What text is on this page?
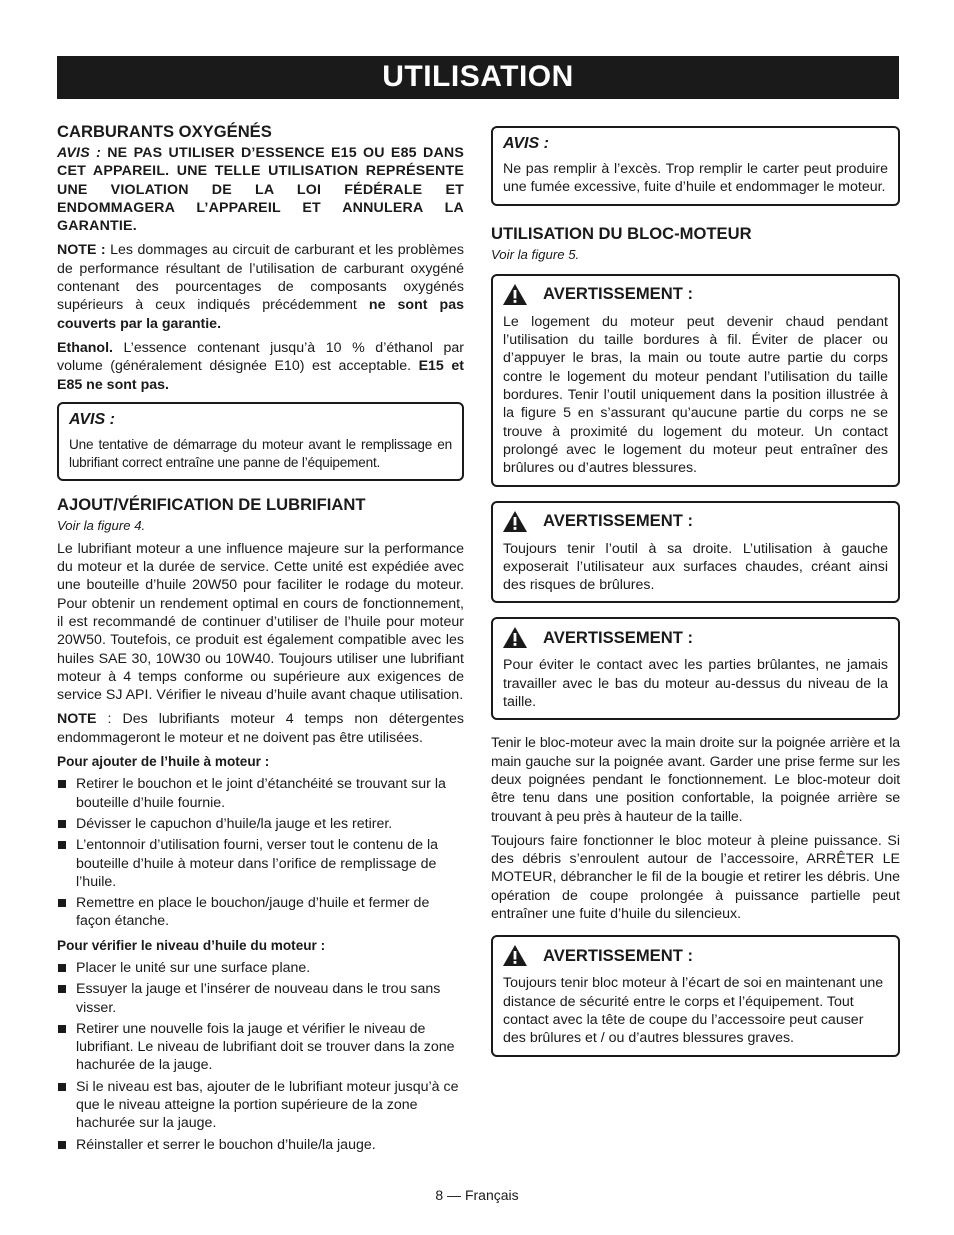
UTILISATION
CARBURANTS OXYGÉNÉS

AVIS : NE PAS UTILISER D’ESSENCE E15 OU E85 DANS CET APPAREIL. UNE TELLE UTILISATION REPRÉSENTE UNE VIOLATION DE LA LOI FÉDÉRALE ET ENDOMMAGERA L’APPAREIL ET ANNULERA LA GARANTIE.

NOTE : Les dommages au circuit de carburant et les problèmes de performance résultant de l’utilisation de carburant oxygéné contenant des pourcentages de composants oxygénés supérieurs à ceux indiqués précédemment ne sont pas couverts par la garantie.

Ethanol. L’essence contenant jusqu’à 10 % d’éthanol par volume (généralement désignée E10) est acceptable. E15 et E85 ne sont pas.

AVIS :

Une tentative de démarrage du moteur avant le remplissage en lubrifiant correct entraîne une panne de l’équipement.

AJOUT/VÉRIFICATION DE LUBRIFIANT
Voir la figure 4.

Le lubrifiant moteur a une influence majeure sur la performance du moteur et la durée de service. Cette unité est expédiée avec une bouteille d’huile 20W50 pour faciliter le rodage du moteur. Pour obtenir un rendement optimal en cours de fonctionnement, il est recommandé de continuer d’utiliser de l’huile pour moteur 20W50. Toutefois, ce produit est également compatible avec les huiles SAE 30, 10W30 ou 10W40. Toujours utiliser une lubrifiant moteur à 4 temps conforme ou supérieure aux exigences de service SJ API. Vérifier le niveau d’huile avant chaque utilisation.

NOTE : Des lubrifiants moteur 4 temps non détergentes endommageront le moteur et ne doivent pas être utilisées.

Pour ajouter de l’huile à moteur :
Retirer le bouchon et le joint d’étanchéité se trouvant sur la bouteille d’huile fournie.
Dévisser le capuchon d’huile/la jauge et les retirer.
L’entonnoir d’utilisation fourni, verser tout le contenu de la bouteille d’huile à moteur dans l’orifice de remplissage de l’huile.
Remettre en place le bouchon/jauge d’huile et fermer de façon étanche.
Pour vérifier le niveau d’huile du moteur :
Placer le unité sur une surface plane.
Essuyer la jauge et l’insérer de nouveau dans le trou sans visser.
Retirer une nouvelle fois la jauge et vérifier le niveau de lubrifiant. Le niveau de lubrifiant doit se trouver dans la zone hachurée de la jauge.
Si le niveau est bas, ajouter de le lubrifiant moteur jusqu’à ce que le niveau atteigne la portion supérieure de la zone hachurée sur la jauge.
Réinstaller et serrer le bouchon d’huile/la jauge.
AVIS :

Ne pas remplir à l’excès. Trop remplir le carter peut produire une fumée excessive, fuite d’huile et endommager le moteur.

UTILISATION DU BLOC-MOTEUR
Voir la figure 5.
AVERTISSEMENT :

Le logement du moteur peut devenir chaud pendant l’utilisation du taille bordures à fil. Éviter de placer ou d’appuyer le bras, la main ou toute autre partie du corps contre le logement du moteur pendant l’utilisation du taille bordures. Tenir l’outil uniquement dans la position illustrée à la figure 5 en s’assurant qu’aucune partie du corps ne se trouve à proximité du logement du moteur. Un contact prolongé avec le logement du moteur peut entraîner des brûlures ou d’autres blessures.

AVERTISSEMENT :

Toujours tenir l’outil à sa droite. L’utilisation à gauche exposerait l’utilisateur aux surfaces chaudes, créant ainsi des risques de brûlures.

AVERTISSEMENT :

Pour éviter le contact avec les parties brûlantes, ne jamais travailler avec le bas du moteur au-dessus du niveau de la taille.

Tenir le bloc-moteur avec la main droite sur la poignée arrière et la main gauche sur la poignée avant. Garder une prise ferme sur les deux poignées pendant le fonctionnement. Le bloc-moteur doit être tenu dans une position confortable, la poignée arrière se trouvant à peu près à hauteur de la taille.

Toujours faire fonctionner le bloc moteur à pleine puissance. Si des débris s’enroulent autour de l’accessoire, ARRÊTER LE MOTEUR, débrancher le fil de la bougie et retirer les débris. Une opération de coupe prolongée à puissance partielle peut entraîner une fuite d’huile du silencieux.

AVERTISSEMENT :

Toujours tenir bloc moteur à l’écart de soi en maintenant une distance de sécurité entre le corps et l’équipement. Tout contact avec la tête de coupe du l’accessoire peut causer des brûlures et / ou d’autres blessures graves.

8 — Français
